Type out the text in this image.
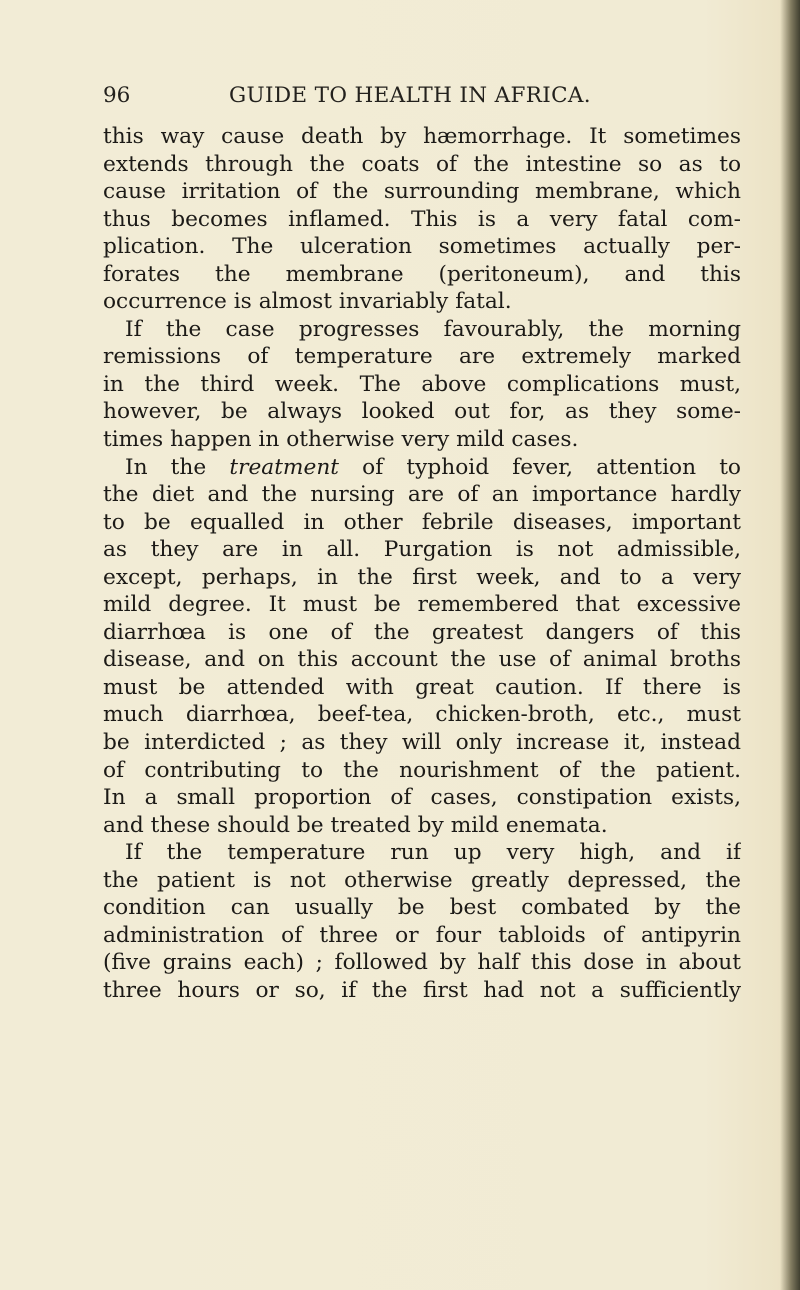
96	GUIDE TO HEALTH IN AFRICA.
this way cause death by hæmorrhage. It sometimes
extends through the coats of the intestine so as to
cause irritation of the surrounding membrane, which
thus becomes inflamed. This is a very fatal com-
plication. The ulceration sometimes actually per-
forates the membrane (peritoneum), and this
occurrence is almost invariably fatal.
If the case progresses favourably, the morning
remissions of temperature are extremely marked
in the third week. The above complications must,
however, be always looked out for, as they some-
times happen in otherwise very mild cases.
In the treatment of typhoid fever, attention to
the diet and the nursing are of an importance hardly
to be equalled in other febrile diseases, important
as they are in all. Purgation is not admissible,
except, perhaps, in the first week, and to a very
mild degree. It must be remembered that excessive
diarrhœa is one of the greatest dangers of this
disease, and on this account the use of animal broths
must be attended with great caution. If there is
much diarrhœa, beef-tea, chicken-broth, etc., must
be interdicted ; as they will only increase it, instead
of contributing to the nourishment of the patient.
In a small proportion of cases, constipation exists,
and these should be treated by mild enemata.
If the temperature run up very high, and if
the patient is not otherwise greatly depressed, the
condition can usually be best combated by the
administration of three or four tabloids of antipyrin
(five grains each) ; followed by half this dose in about
three hours or so, if the first had not a sufficiently
